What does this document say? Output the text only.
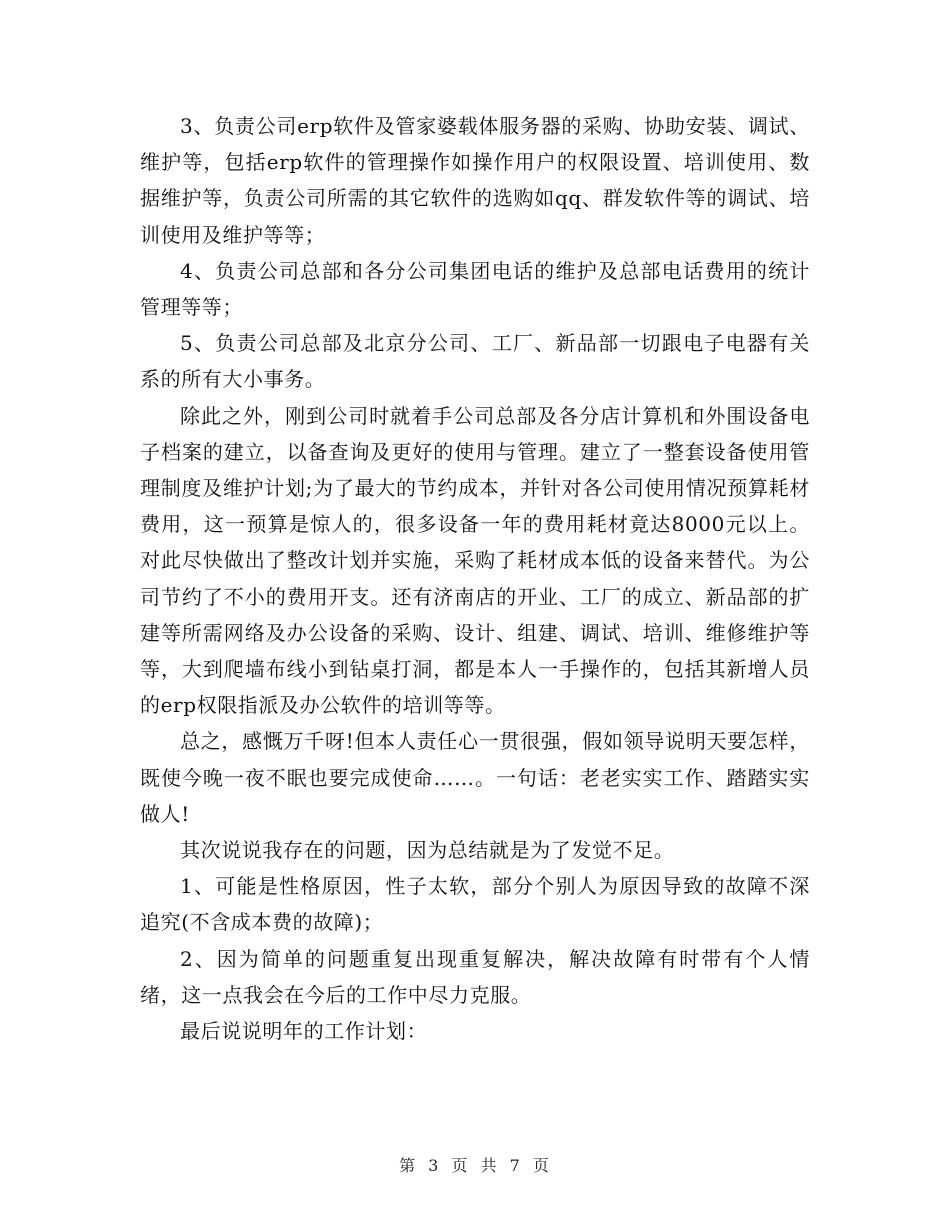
3、负责公司erp软件及管家婆载体服务器的采购、协助安装、调试、维护等，包括erp软件的管理操作如操作用户的权限设置、培训使用、数据维护等，负责公司所需的其它软件的选购如qq、群发软件等的调试、培训使用及维护等等；

4、负责公司总部和各分公司集团电话的维护及总部电话费用的统计管理等等；

5、负责公司总部及北京分公司、工厂、新品部一切跟电子电器有关系的所有大小事务。

除此之外，刚到公司时就着手公司总部及各分店计算机和外围设备电子档案的建立，以备查询及更好的使用与管理。建立了一整套设备使用管理制度及维护计划;为了最大的节约成本，并针对各公司使用情况预算耗材费用，这一预算是惊人的，很多设备一年的费用耗材竟达8000元以上。对此尽快做出了整改计划并实施，采购了耗材成本低的设备来替代。为公司节约了不小的费用开支。还有济南店的开业、工厂的成立、新品部的扩建等所需网络及办公设备的采购、设计、组建、调试、培训、维修维护等等，大到爬墙布线小到钻桌打洞，都是本人一手操作的，包括其新增人员的erp权限指派及办公软件的培训等等。

总之，感慨万千呀!但本人责任心一贯很强，假如领导说明天要怎样，既使今晚一夜不眠也要完成使命……。一句话：老老实实工作、踏踏实实做人!

其次说说我存在的问题，因为总结就是为了发觉不足。

1、可能是性格原因，性子太软，部分个别人为原因导致的故障不深追究(不含成本费的故障)；

2、因为简单的问题重复出现重复解决，解决故障有时带有个人情绪，这一点我会在今后的工作中尽力克服。

最后说说明年的工作计划：

第 3 页 共 7 页
